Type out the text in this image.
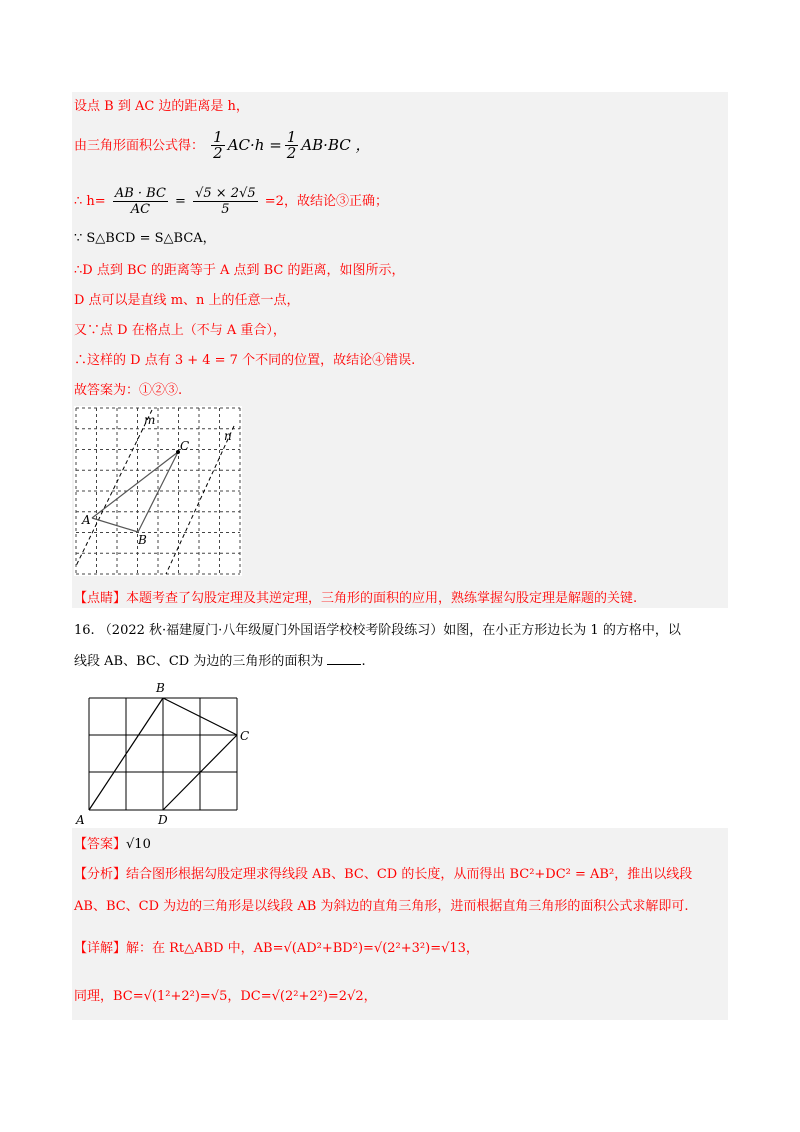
设点 B 到 AC 边的距离是 h，
由三角形面积公式得： $\frac{1}{2} AC\cdot h = \frac{1}{2} AB\cdot BC$ ，
∴ $h= \frac{AB \cdot BC}{AC} = \frac{√5 \times 2√5}{5} =2$，故结论③正确；
∵ S△BCD = S△BCA，
∴D 点到 BC 的距离等于 A 点到 BC 的距离，如图所示，
D 点可以是直线 m、n 上的任意一点，
又∵点 D 在格点上（不与 A 重合），
∴这样的 D 点有 3 + 4 = 7 个不同的位置，故结论④错误.
故答案为：①②③.
m
n
C
A
B
【点睛】本题考查了勾股定理及其逆定理，三角形的面积的应用，熟练掌握勾股定理是解题的关键.
16. （2022 秋·福建厦门·八年级厦门外国语学校校考阶段练习）如图，在小正方形边长为 1 的方格中，以
线段 AB、BC、CD 为边的三角形的面积为	.
A
B
C
D
【答案】√10
【分析】结合图形根据勾股定理求得线段 AB、BC、CD 的长度，从而得出 BC²+DC² = AB²，推出以线段
AB、BC、CD 为边的三角形是以线段 AB 为斜边的直角三角形，进而根据直角三角形的面积公式求解即可.
【详解】解：在 Rt△ABD 中，AB=√(AD²+BD²)=√(2²+3²)=√13，
同理，BC=√(1²+2²)=√5，DC=√(2²+2²)=2√2，
